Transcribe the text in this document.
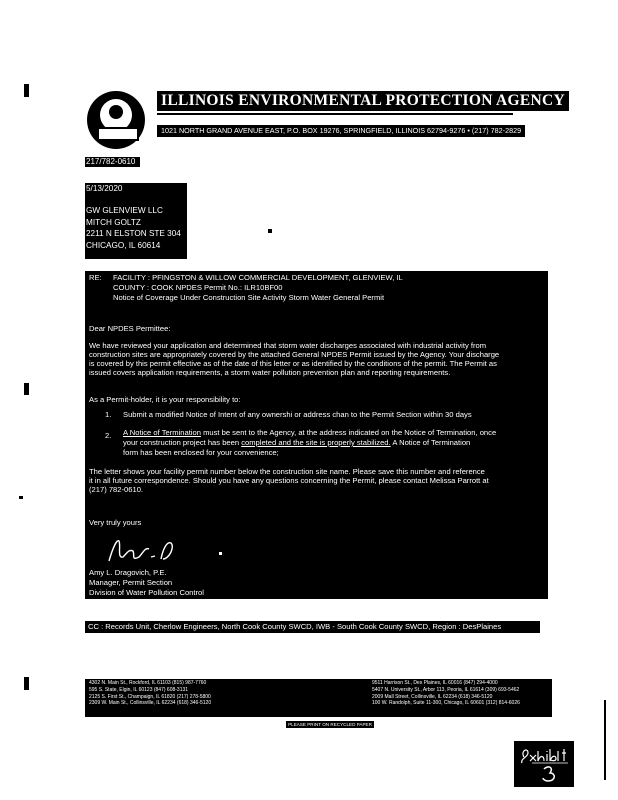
ILLINOIS ENVIRONMENTAL PROTECTION AGENCY
1021 NORTH GRAND AVENUE EAST, P.O. BOX 19276, SPRINGFIELD, ILLINOIS 62794-9276 • (217) 782-2829
217/782-0610
5/13/2020
GW GLENVIEW LLC
MITCH GOLTZ
2211 N ELSTON STE 304
CHICAGO, IL 60614
RE: FACILITY : PFINGSTON & WILLOW COMMERCIAL DEVELOPMENT, GLENVIEW, IL
COUNTY : COOK NPDES Permit No.: ILR10BF00
Notice of Coverage Under Construction Site Activity Storm Water General Permit
Dear NPDES Permittee:
We have reviewed your application and determined that storm water discharges associated with industrial activity from
construction sites are appropriately covered by the attached General NPDES Permit issued by the Agency. Your discharge
is covered by this permit effective as of the date of this letter or as identified by the conditions of the permit. The Permit as
issued covers application requirements, a storm water pollution prevention plan and reporting requirements.
As a Permit-holder, it is your responsibility to:
1. Submit a modified Notice of Intent of any ownershi or address chan to the Permit Section within 30 days
2. A Notice of Termination must be sent to the Agency, at the address indicated on the Notice of Termination, once
your construction project has been completed and the site is properly stabilized. A Notice of Termination
form has been enclosed for your convenience;
The letter shows your facility permit number below the construction site name. Please save this number and reference
it in all future correspondence. Should you have any questions concerning the Permit, please contact Melissa Parrott at
(217) 782-0610.
Very truly yours
Amy L. Dragovich, P.E.
Manager, Permit Section
Division of Water Pollution Control
CC : Records Unit, Cherlow Engineers, North Cook County SWCD, IWB - South Cook County SWCD, Region : DesPlaines
4302 N. Main St., Rockford, IL 61103 (815) 987-7760
595 S. State, Elgin, IL 60123 (847) 608-3131
2125 S. First St., Champaign, IL 61820 (217) 278-5800
2309 W. Main St., Collinsville, IL 62234 (618) 346-5120
9511 Harrison St., Des Plaines, IL 60016 (847) 294-4000
5407 N. University St., Arbor 113, Peoria, IL 61614 (309) 693-5462
2009 Mall Street, Collinsville, IL 62234 (618) 346-5120
100 W. Randolph, Suite 11-300, Chicago, IL 60601 (312) 814-6026
PLEASE PRINT ON RECYCLED PAPER
